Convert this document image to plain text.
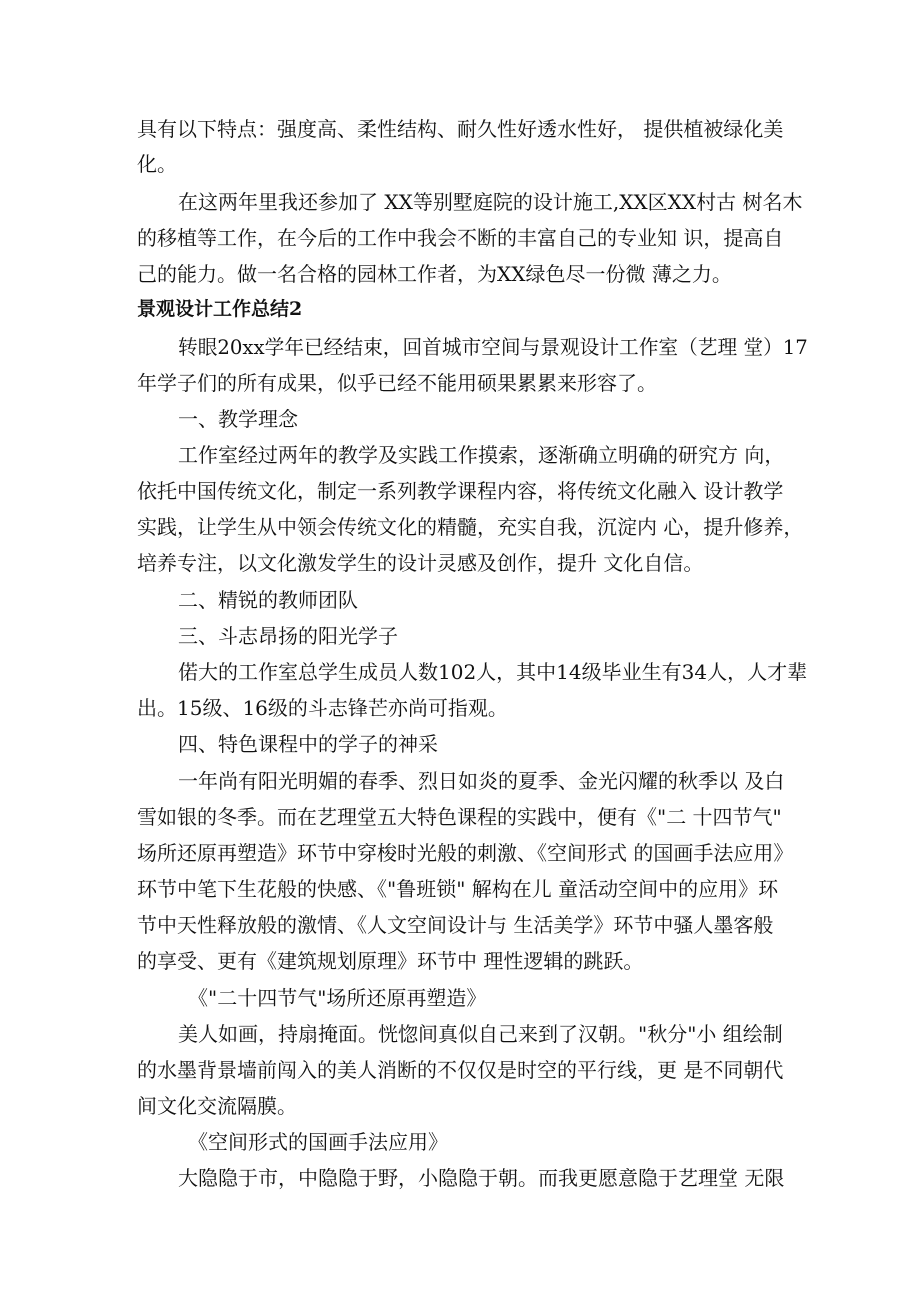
具有以下特点：强度高、柔性结构、耐久性好透水性好， 提供植被绿化美

化。

在这两年里我还参加了 XX等别墅庭院的设计施工,XX区XX村古 树名木

的移植等工作，在今后的工作中我会不断的丰富自己的专业知 识，提高自

己的能力。做一名合格的园林工作者，为XX绿色尽一份微 薄之力。

景观设计工作总结2

转眼20xx学年已经结束，回首城市空间与景观设计工作室（艺理 堂）17

年学子们的所有成果，似乎已经不能用硕果累累来形容了。

一、教学理念

工作室经过两年的教学及实践工作摸索，逐渐确立明确的研究方 向，

依托中国传统文化，制定一系列教学课程内容，将传统文化融入 设计教学

实践，让学生从中领会传统文化的精髓，充实自我，沉淀内 心，提升修养，

培养专注，以文化激发学生的设计灵感及创作，提升 文化自信。

二、精锐的教师团队

三、斗志昂扬的阳光学子

偌大的工作室总学生成员人数102人，其中14级毕业生有34人，人才辈

出。15级、16级的斗志锋芒亦尚可指观。

四、特色课程中的学子的神采

一年尚有阳光明媚的春季、烈日如炎的夏季、金光闪耀的秋季以 及白

雪如银的冬季。而在艺理堂五大特色课程的实践中，便有《"二 十四节气"

场所还原再塑造》环节中穿梭时光般的刺激、《空间形式 的国画手法应用》

环节中笔下生花般的快感、《"鲁班锁" 解构在儿 童活动空间中的应用》环

节中天性释放般的激情、《人文空间设计与 生活美学》环节中骚人墨客般

的享受、更有《建筑规划原理》环节中 理性逻辑的跳跃。

《"二十四节气"场所还原再塑造》

美人如画，持扇掩面。恍惚间真似自己来到了汉朝。"秋分"小 组绘制

的水墨背景墙前闯入的美人消断的不仅仅是时空的平行线，更 是不同朝代

间文化交流隔膜。

《空间形式的国画手法应用》

大隐隐于市，中隐隐于野，小隐隐于朝。而我更愿意隐于艺理堂 无限
